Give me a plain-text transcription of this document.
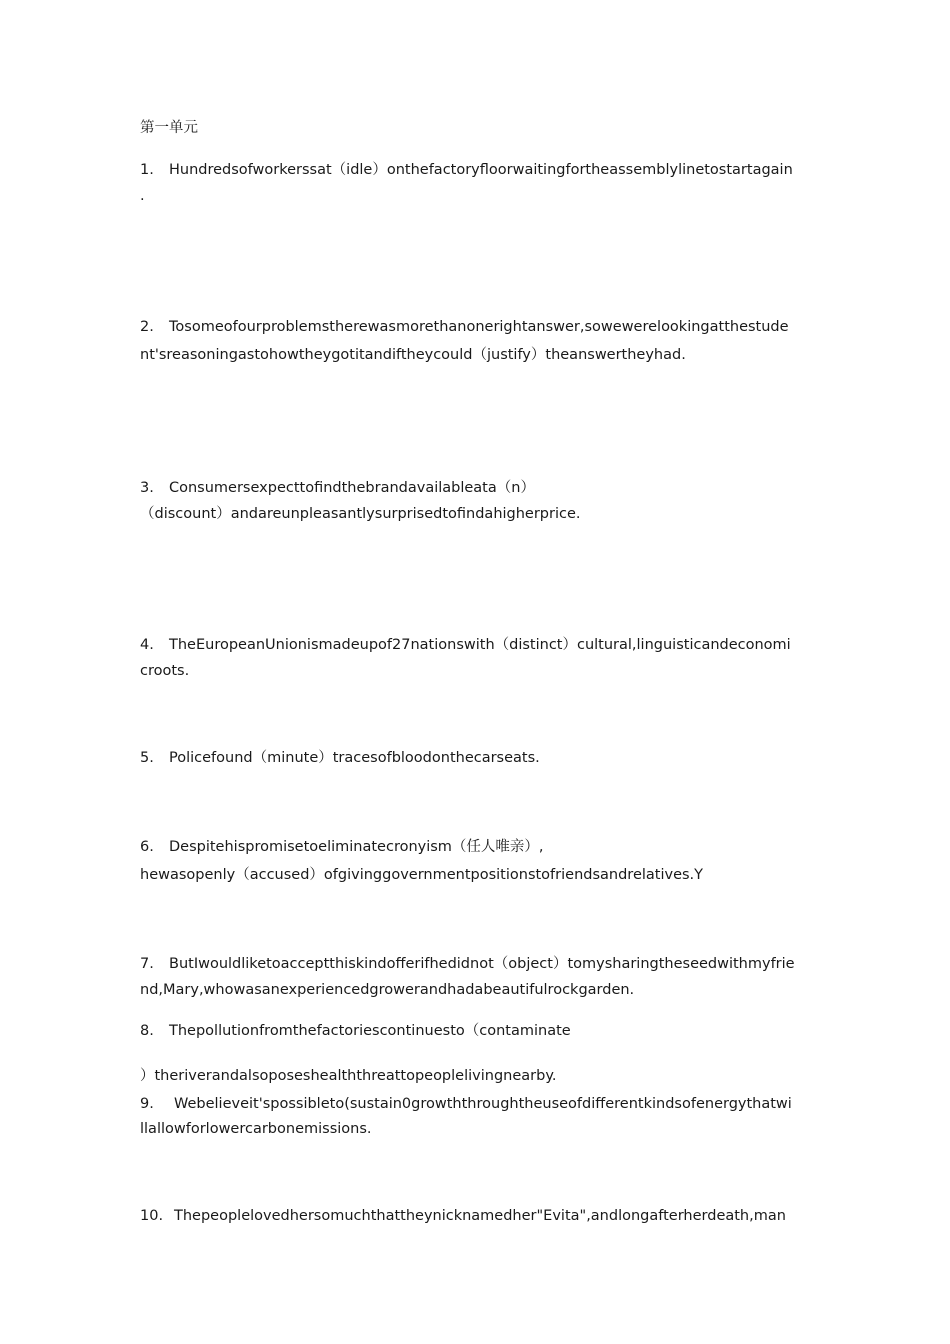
第一单元
1. Hundredsofworkerssat（idle）onthefactoryfloorwaitingfortheassemblylinetostartagain
.
2. Tosomeofourproblemstherewasmorethanonerightanswer,sowewerelookingatthestude
nt'sreasoningastohowtheygotitandiftheycould（justify）theanswertheyhad.
3. Consumersexpecttofindthebrandavailableata（n）
（discount）andareunpleasantlysurprisedtofindahigherprice.
4. TheEuropeanUnionismadeupof27nationswith（distinct）cultural,linguisticandeconomi
croots.
5. Policefound（minute）tracesofbloodonthecarseats.
6. Despitehispromisetoeliminatecronyism（任人唯亲）,
hewasopenly（accused）ofgivinggovernmentpositionstofriendsandrelatives.Y
7. ButIwouldliketoacceptthiskindofferifhedidnot（object）tomysharingtheseedwithmyfrie
nd,Mary,whowasanexperiencedgrowerandhadabeautifulrockgarden.
8. Thepollutionfromthefactoriescontinuesto（contaminate
）theriverandalsoposeshealththreattopeoplelivingnearby.
9. Webelieveit'spossibleto(sustain0growththroughtheuseofdifferentkindsofenergythatwi
llallowforlowercarbonemissions.
10. Thepeoplelovedhersomuchthattheynicknamedher"Evita",andlongafterherdeath,man
